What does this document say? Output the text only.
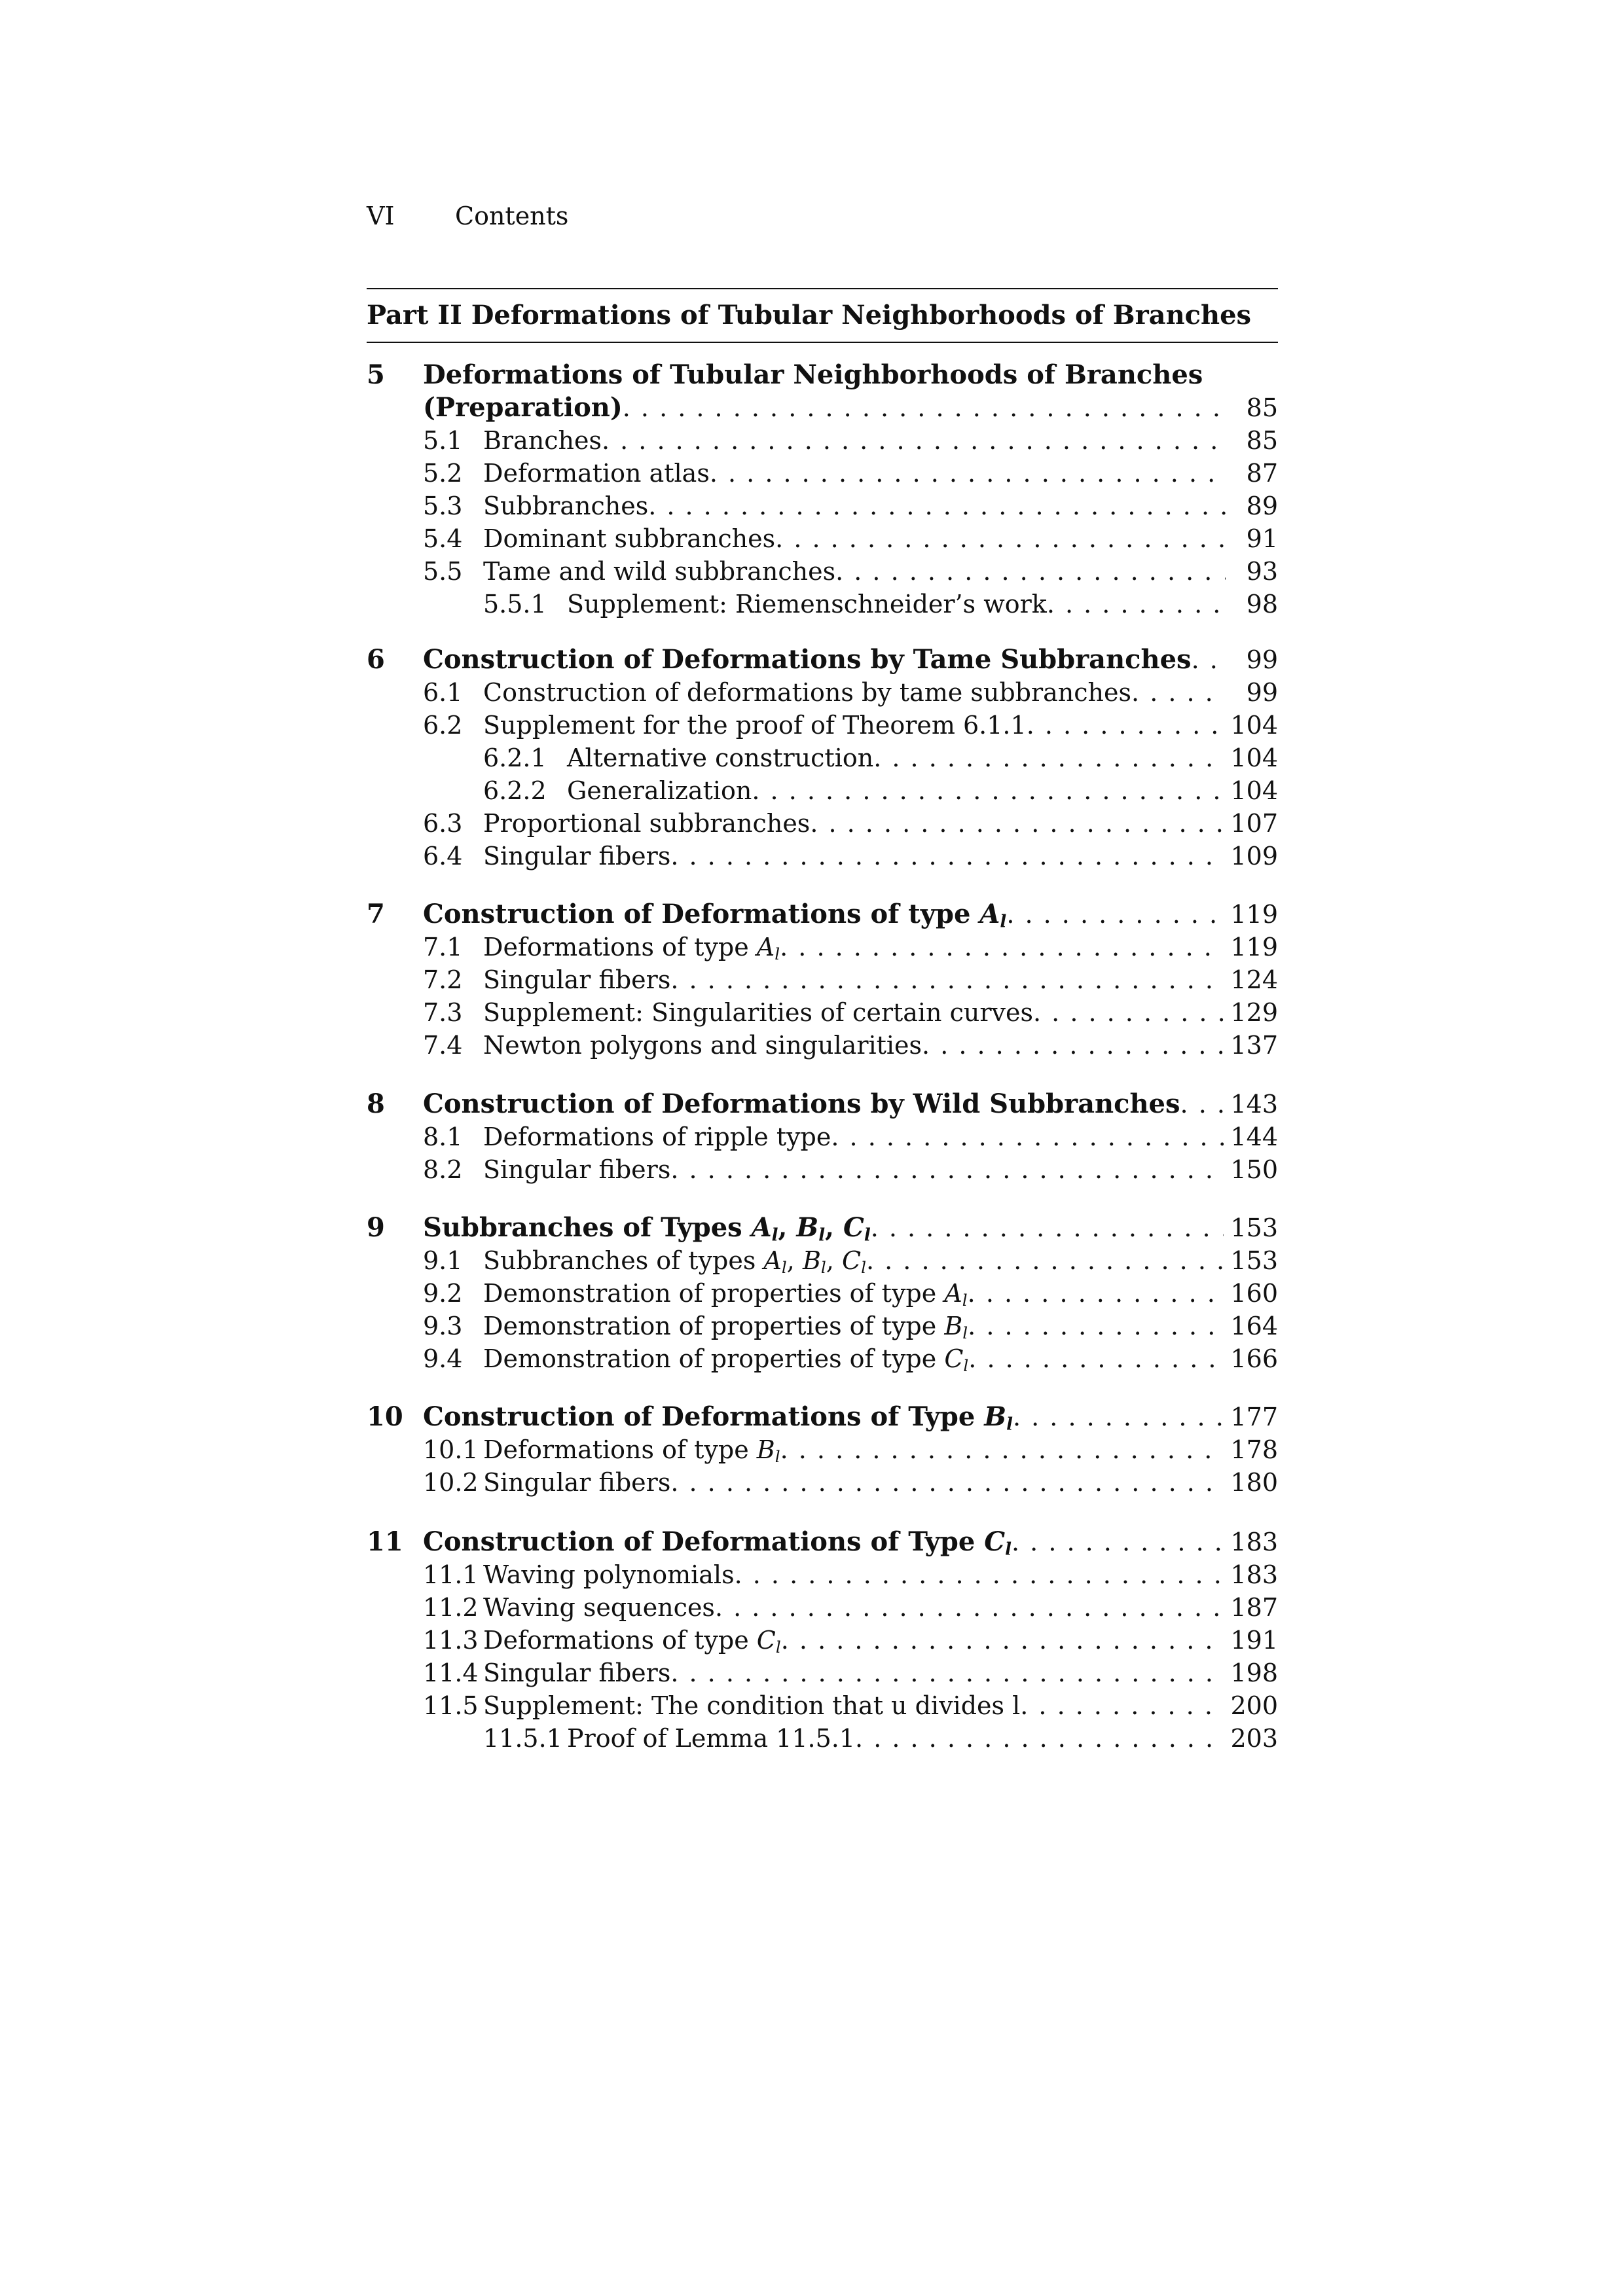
VI Contents
Part II Deformations of Tubular Neighborhoods of Branches
5 Deformations of Tubular Neighborhoods of Branches
(Preparation) . . .	85
5.1 Branches . . .	85
5.2 Deformation atlas . . .	87
5.3 Subbranches . . .	89
5.4 Dominant subbranches . . .	91
5.5 Tame and wild subbranches . . .	93
5.5.1 Supplement: Riemenschneider’s work . . .	98
6 Construction of Deformations by Tame Subbranches . . .	99
6.1 Construction of deformations by tame subbranches . . .	99
6.2 Supplement for the proof of Theorem 6.1.1 . . .	104
6.2.1 Alternative construction . . .	104
6.2.2 Generalization . . .	104
6.3 Proportional subbranches . . .	107
6.4 Singular fibers . . .	109
7 Construction of Deformations of type $A_l$ . . .	119
7.1 Deformations of type $A_l$ . . .	119
7.2 Singular fibers . . .	124
7.3 Supplement: Singularities of certain curves . . .	129
7.4 Newton polygons and singularities . . .	137
8 Construction of Deformations by Wild Subbranches . . . 143
8.1 Deformations of ripple type . . .	144
8.2 Singular fibers . . .	150
9 Subbranches of Types $A_l$, $B_l$, $C_l$ . . .	153
9.1 Subbranches of types $A_l$, $B_l$, $C_l$ . . .	153
9.2 Demonstration of properties of type $A_l$ . . .	160
9.3 Demonstration of properties of type $B_l$ . . .	164
9.4 Demonstration of properties of type $C_l$ . . .	166
10 Construction of Deformations of Type $B_l$ . . .	177
10.1 Deformations of type $B_l$ . . .	178
10.2 Singular fibers . . .	180
11 Construction of Deformations of Type $C_l$ . . .	183
11.1 Waving polynomials . . .	183
11.2 Waving sequences . . .	187
11.3 Deformations of type $C_l$ . . .	191
11.4 Singular fibers . . .	198
11.5 Supplement: The condition that u divides l . . .	200
11.5.1 Proof of Lemma 11.5.1 . . .	203
